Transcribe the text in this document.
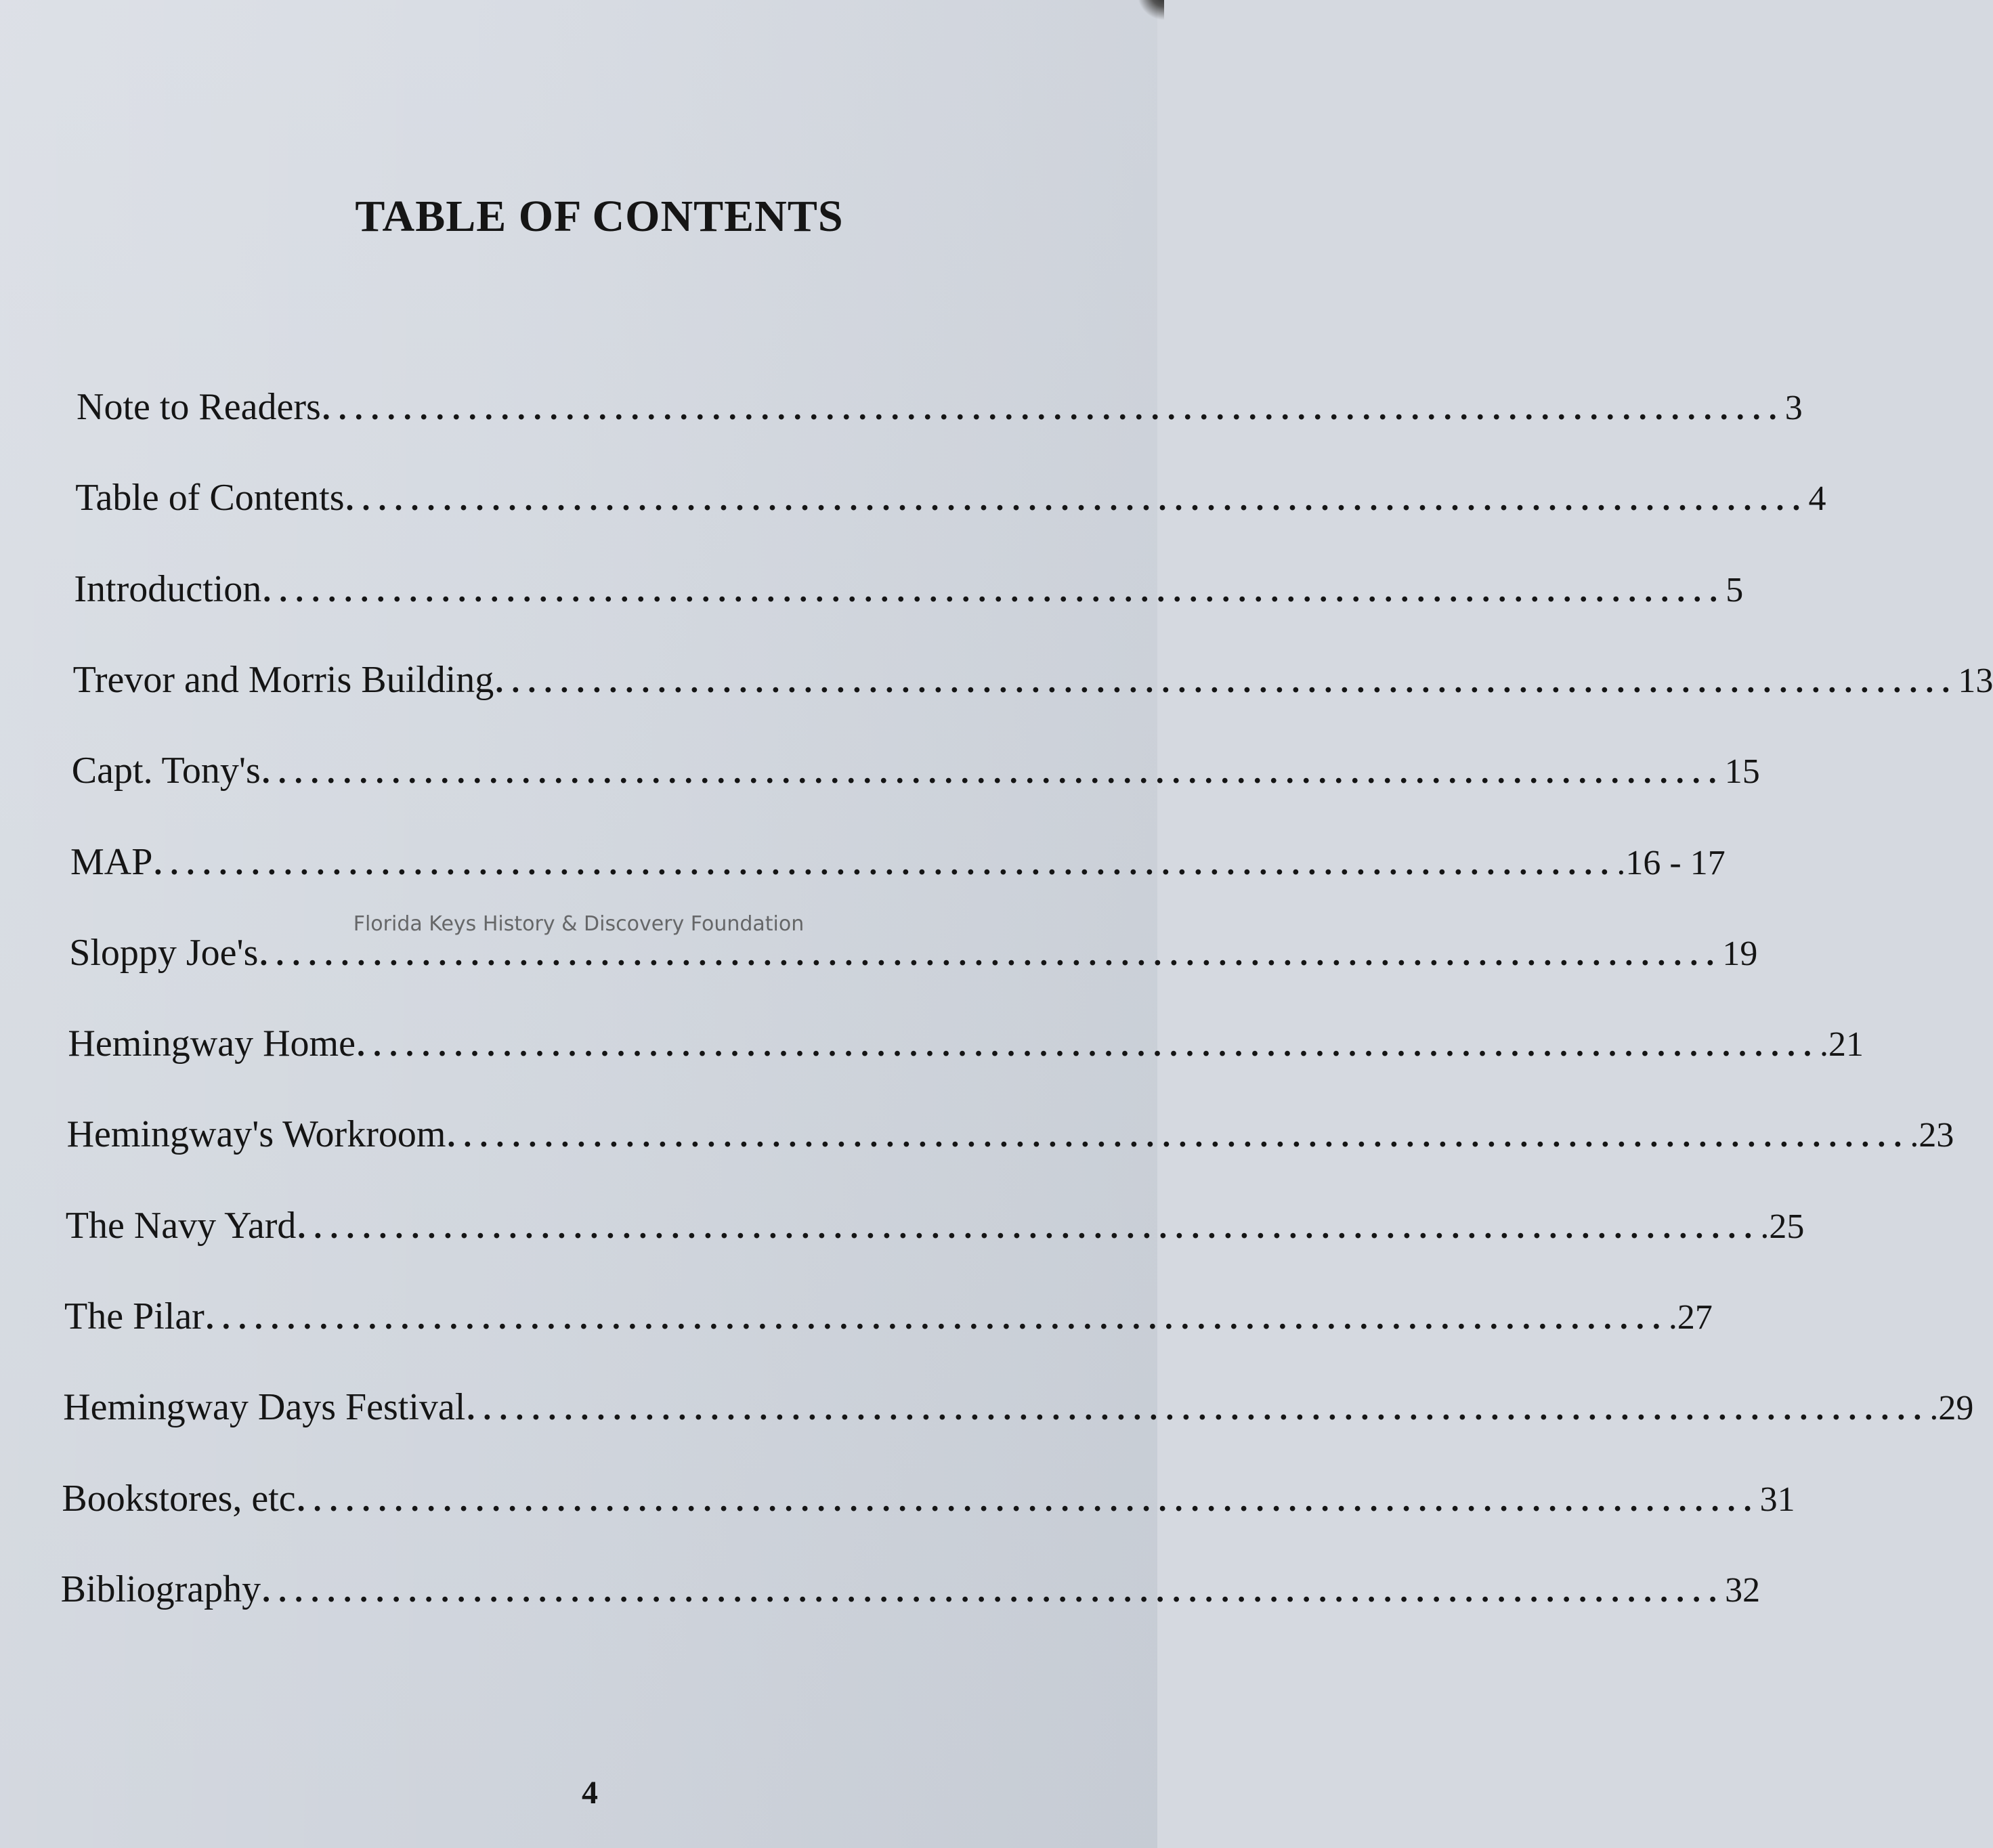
TABLE OF CONTENTS
Note to Readers .......................................................................................... 3
Table of Contents .......................................................................................... 4
Introduction .......................................................................................... 5
Trevor and Morris Building .......................................................................................... 13
Capt. Tony's .......................................................................................... 15
MAP .......................................................................................... .16 - 17
Sloppy Joe's .......................................................................................... 19
Hemingway Home .......................................................................................... .21
Hemingway's Workroom .......................................................................................... .23
The Navy Yard .......................................................................................... .25
The Pilar .......................................................................................... .27
Hemingway Days Festival .......................................................................................... .29
Bookstores, etc .......................................................................................... 31
Bibliography .......................................................................................... 32
Florida Keys History & Discovery Foundation
4
